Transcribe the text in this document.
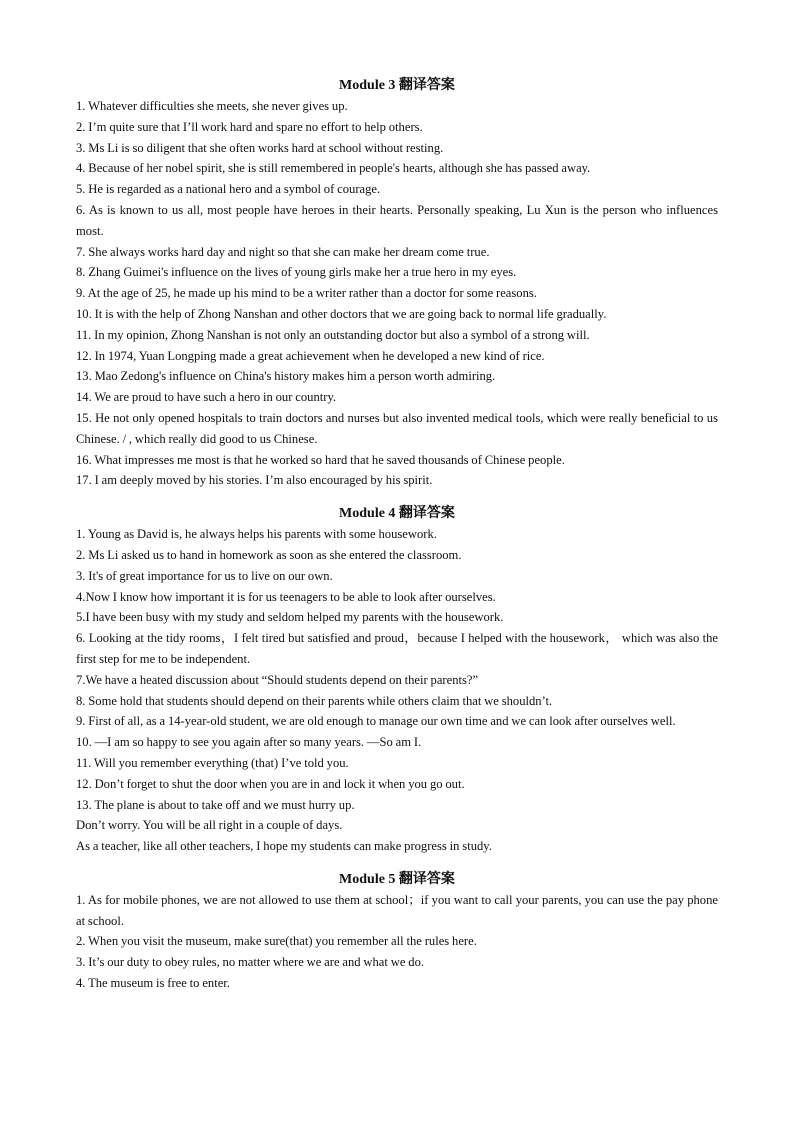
Module 3 翻译答案

1. Whatever difficulties she meets, she never gives up.

2. I’m quite sure that I’ll work hard and spare no effort to help others.

3. Ms Li is so diligent that she often works hard at school without resting.

4. Because of her nobel spirit, she is still remembered in people's hearts, although she has passed away.

5. He is regarded as a national hero and a symbol of courage.

6. As is known to us all, most people have heroes in their hearts. Personally speaking, Lu Xun is the person who influences most.

7. She always works hard day and night so that she can make her dream come true.

8. Zhang Guimei's influence on the lives of young girls make her a true hero in my eyes.

9. At the age of 25, he made up his mind to be a writer rather than a doctor for some reasons.

10. It is with the help of Zhong Nanshan and other doctors that we are going back to normal life gradually.

11. In my opinion, Zhong Nanshan is not only an outstanding doctor but also a symbol of a strong will.

12. In 1974, Yuan Longping made a great achievement when he developed a new kind of rice.

13. Mao Zedong's influence on China's history makes him a person worth admiring.

14. We are proud to have such a hero in our country.

15. He not only opened hospitals to train doctors and nurses but also invented medical tools, which were really beneficial to us Chinese. / , which really did good to us Chinese.

16. What impresses me most is that he worked so hard that he saved thousands of Chinese people.

17. I am deeply moved by his stories. I’m also encouraged by his spirit.

Module 4 翻译答案

1. Young as David is, he always helps his parents with some housework.

2. Ms Li asked us to hand in homework as soon as she entered the classroom.

3. It's of great importance for us to live on our own.

4.Now I know how important it is for us teenagers to be able to look after ourselves.

5.I have been busy with my study and seldom helped my parents with the housework.

6. Looking at the tidy rooms，I felt tired but satisfied and proud，because I helped with the housework， which was also the first step for me to be independent.

7.We have a heated discussion about “Should students depend on their parents?”

8. Some hold that students should depend on their parents while others claim that we shouldn’t.

9. First of all, as a 14-year-old student, we are old enough to manage our own time and we can look after ourselves well.

10. —I am so happy to see you again after so many years. —So am I.

11. Will you remember everything (that) I’ve told you.

12. Don’t forget to shut the door when you are in and lock it when you go out.

13. The plane is about to take off and we must hurry up.

Don’t worry. You will be all right in a couple of days.

As a teacher, like all other teachers, I hope my students can make progress in study.

Module 5 翻译答案

1. As for mobile phones, we are not allowed to use them at school；if you want to call your parents, you can use the pay phone at school.

2. When you visit the museum, make sure(that) you remember all the rules here.

3. It’s our duty to obey rules, no matter where we are and what we do.

4. The museum is free to enter.
